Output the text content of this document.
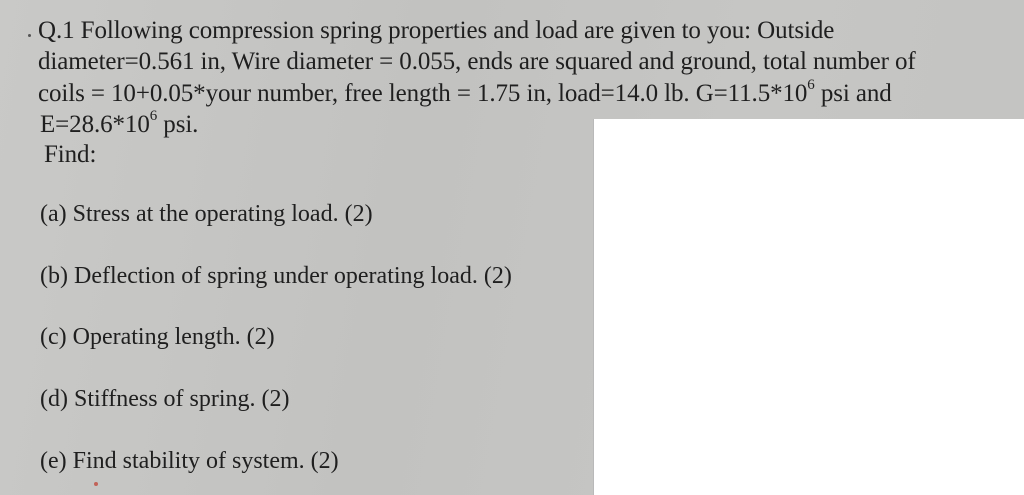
Q.1 Following compression spring properties and load are given to you: Outside
diameter=0.561 in, Wire diameter = 0.055, ends are squared and ground, total number of
coils = 10+0.05*your number, free length = 1.75 in, load=14.0 lb. $G=11.5*10^6$ psi and
$E=28.6*10^6$ psi.
Find:
(a) Stress at the operating load. (2)
(b) Deflection of spring under operating load. (2)
(c) Operating length. (2)
(d) Stiffness of spring. (2)
(e) Find stability of system. (2)
